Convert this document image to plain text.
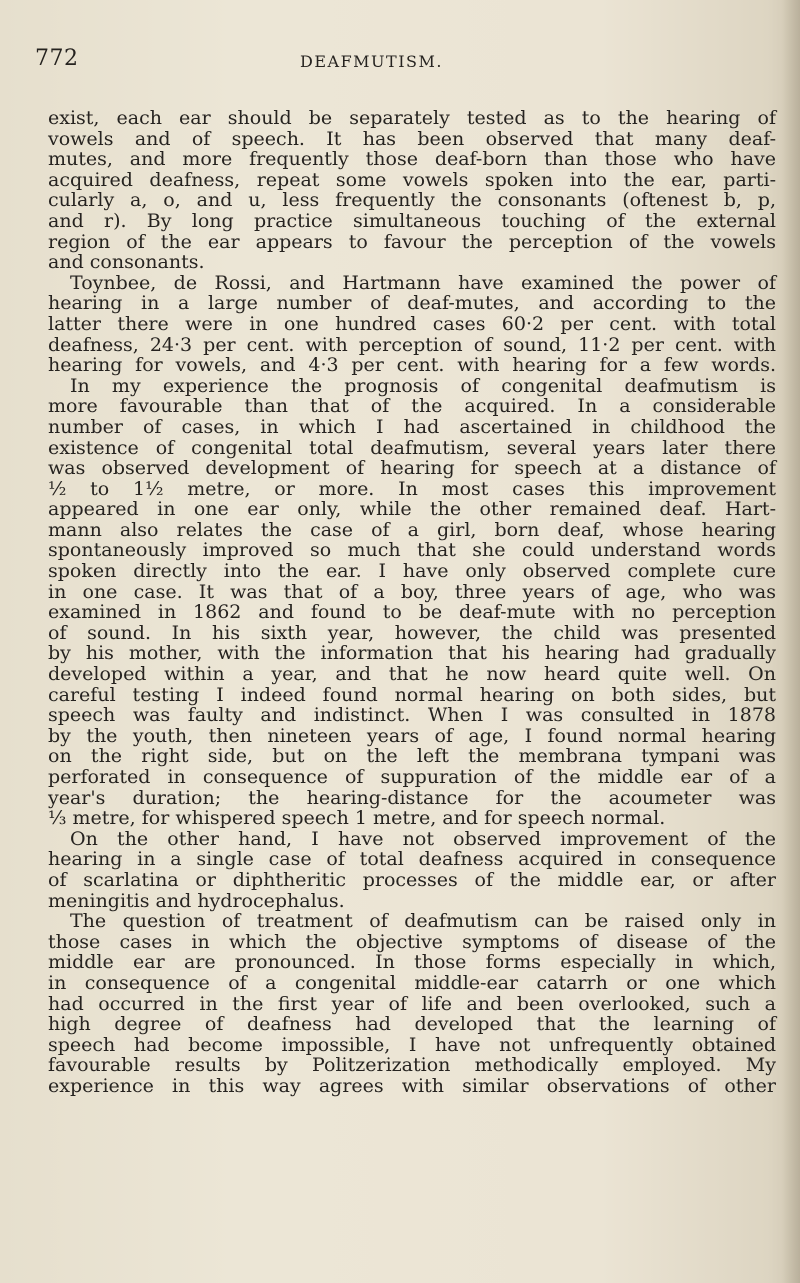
772	DEAFMUTISM.
exist, each ear should be separately tested as to the hearing of
vowels and of speech. It has been observed that many deaf-
mutes, and more frequently those deaf-born than those who have
acquired deafness, repeat some vowels spoken into the ear, parti-
cularly a, o, and u, less frequently the consonants (oftenest b, p,
and r). By long practice simultaneous touching of the external
region of the ear appears to favour the perception of the vowels
and consonants.
Toynbee, de Rossi, and Hartmann have examined the power of
hearing in a large number of deaf-mutes, and according to the
latter there were in one hundred cases 60·2 per cent. with total
deafness, 24·3 per cent. with perception of sound, 11·2 per cent. with
hearing for vowels, and 4·3 per cent. with hearing for a few words.
In my experience the prognosis of congenital deafmutism is
more favourable than that of the acquired. In a considerable
number of cases, in which I had ascertained in childhood the
existence of congenital total deafmutism, several years later there
was observed development of hearing for speech at a distance of
½ to 1½ metre, or more. In most cases this improvement
appeared in one ear only, while the other remained deaf. Hart-
mann also relates the case of a girl, born deaf, whose hearing
spontaneously improved so much that she could understand words
spoken directly into the ear. I have only observed complete cure
in one case. It was that of a boy, three years of age, who was
examined in 1862 and found to be deaf-mute with no perception
of sound. In his sixth year, however, the child was presented
by his mother, with the information that his hearing had gradually
developed within a year, and that he now heard quite well. On
careful testing I indeed found normal hearing on both sides, but
speech was faulty and indistinct. When I was consulted in 1878
by the youth, then nineteen years of age, I found normal hearing
on the right side, but on the left the membrana tympani was
perforated in consequence of suppuration of the middle ear of a
year's duration; the hearing-distance for the acoumeter was
⅓ metre, for whispered speech 1 metre, and for speech normal.
On the other hand, I have not observed improvement of the
hearing in a single case of total deafness acquired in consequence
of scarlatina or diphtheritic processes of the middle ear, or after
meningitis and hydrocephalus.
The question of treatment of deafmutism can be raised only in
those cases in which the objective symptoms of disease of the
middle ear are pronounced. In those forms especially in which,
in consequence of a congenital middle-ear catarrh or one which
had occurred in the first year of life and been overlooked, such a
high degree of deafness had developed that the learning of
speech had become impossible, I have not unfrequently obtained
favourable results by Politzerization methodically employed. My
experience in this way agrees with similar observations of other
